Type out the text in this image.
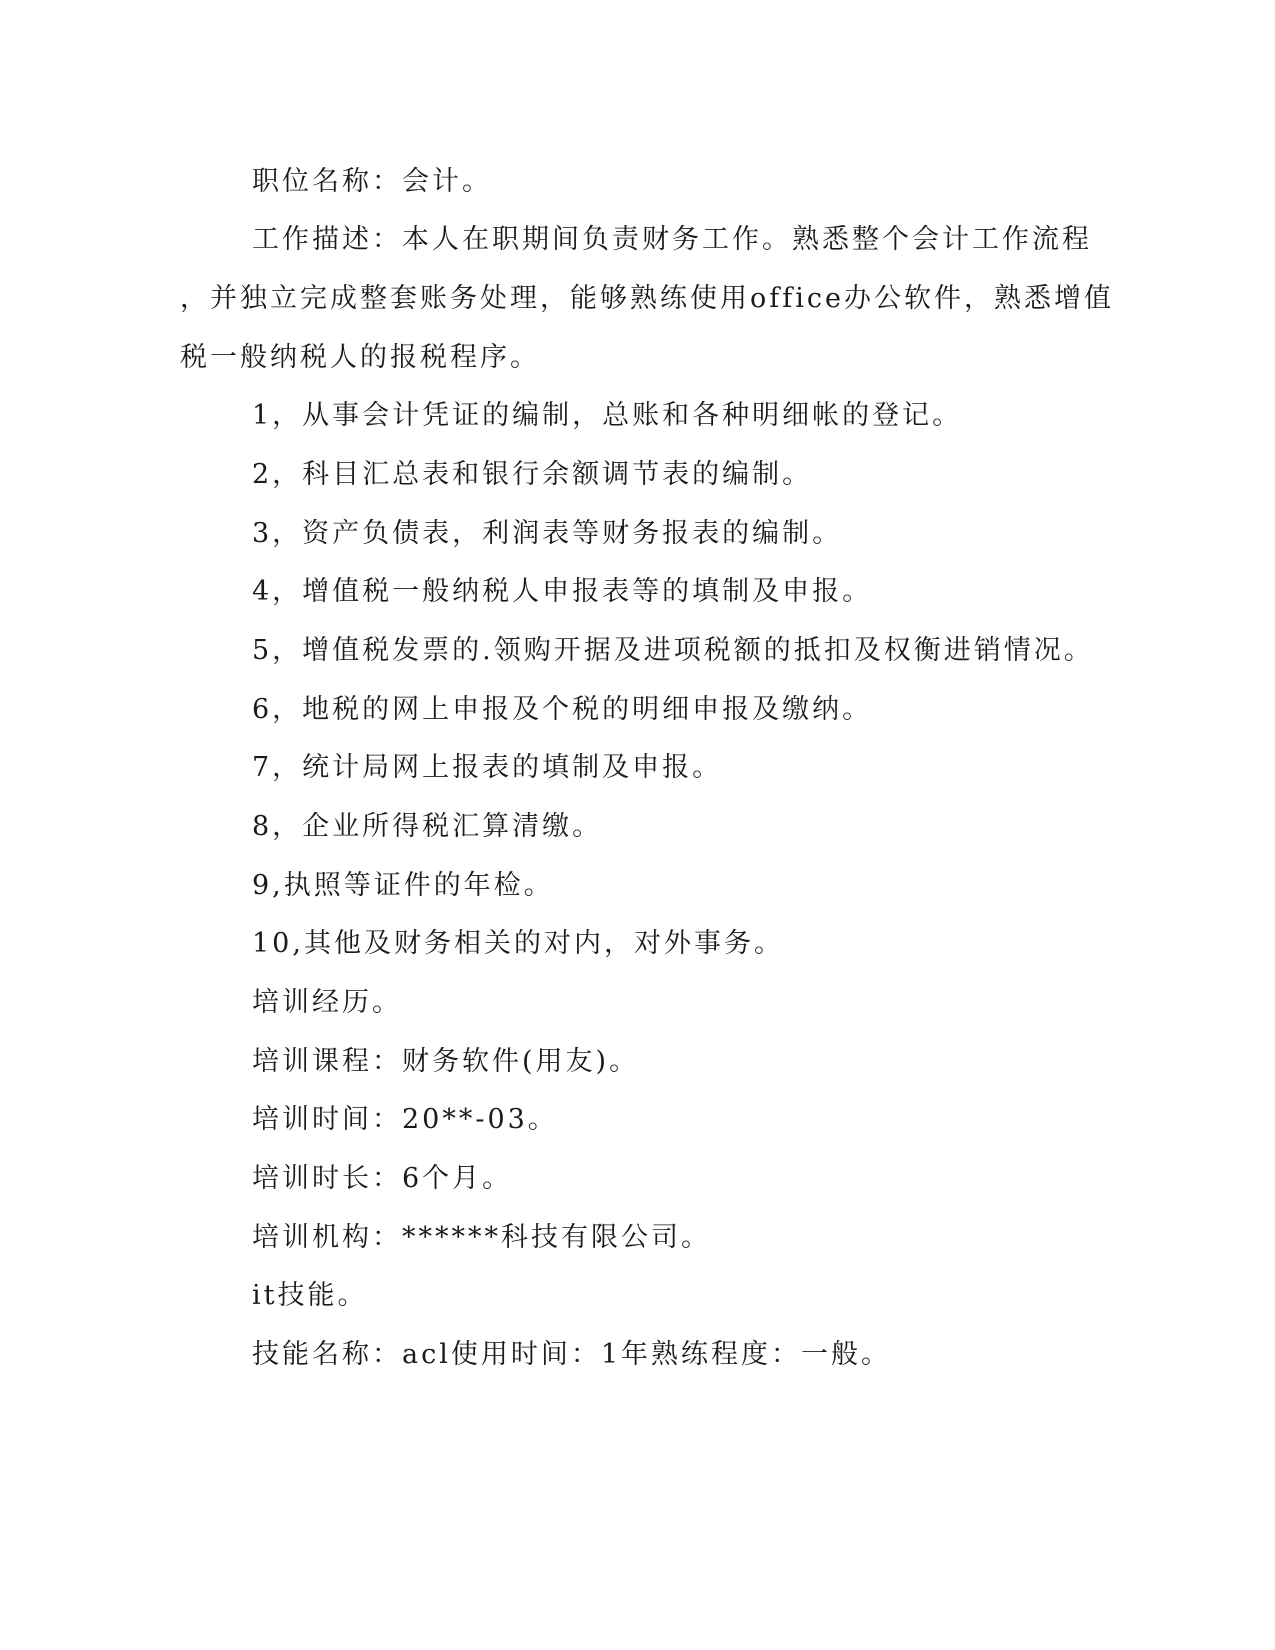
职位名称：会计。
工作描述：本人在职期间负责财务工作。熟悉整个会计工作流程
，并独立完成整套账务处理，能够熟练使用office办公软件，熟悉增值
税一般纳税人的报税程序。
1，从事会计凭证的编制，总账和各种明细帐的登记。
2，科目汇总表和银行余额调节表的编制。
3，资产负债表，利润表等财务报表的编制。
4，增值税一般纳税人申报表等的填制及申报。
5，增值税发票的.领购开据及进项税额的抵扣及权衡进销情况。
6，地税的网上申报及个税的明细申报及缴纳。
7，统计局网上报表的填制及申报。
8，企业所得税汇算清缴。
9,执照等证件的年检。
10,其他及财务相关的对内，对外事务。
培训经历。
培训课程：财务软件(用友)。
培训时间：20**-03。
培训时长：6个月。
培训机构：******科技有限公司。
it技能。
技能名称：acl使用时间：1年熟练程度：一般。
